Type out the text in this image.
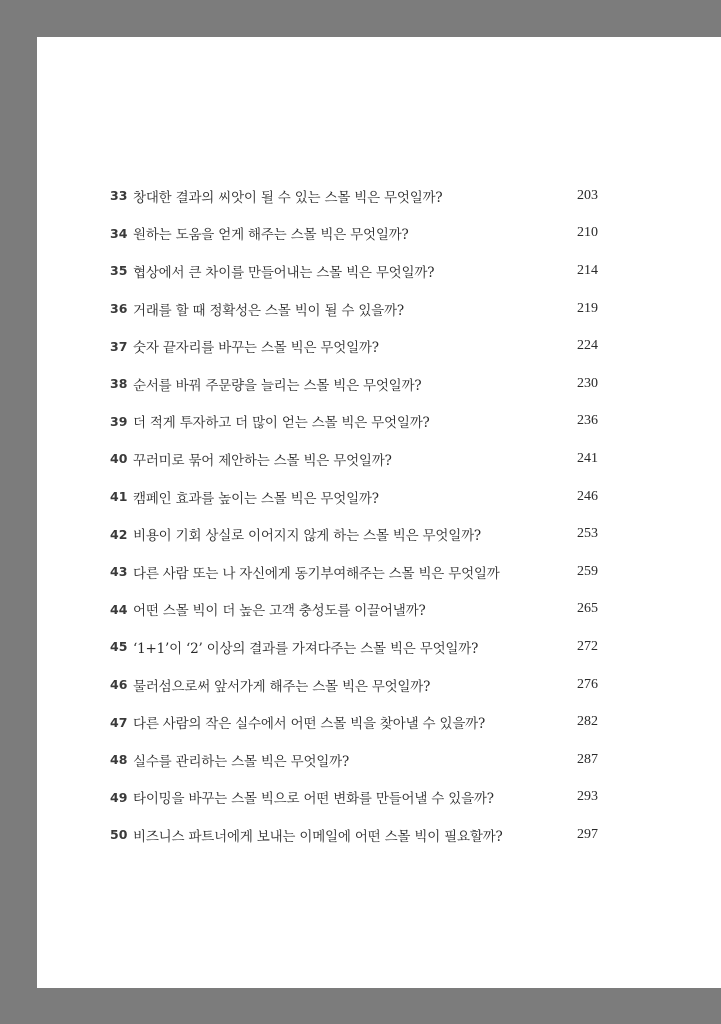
33 창대한 결과의 씨앗이 될 수 있는 스몰 빅은 무엇일까?	203
34 원하는 도움을 얻게 해주는 스몰 빅은 무엇일까?	210
35 협상에서 큰 차이를 만들어내는 스몰 빅은 무엇일까?	214
36 거래를 할 때 정확성은 스몰 빅이 될 수 있을까?	219
37 숫자 끝자리를 바꾸는 스몰 빅은 무엇일까?	224
38 순서를 바꿔 주문량을 늘리는 스몰 빅은 무엇일까?	230
39 더 적게 투자하고 더 많이 얻는 스몰 빅은 무엇일까?	236
40 꾸러미로 묶어 제안하는 스몰 빅은 무엇일까?	241
41 캠페인 효과를 높이는 스몰 빅은 무엇일까?	246
42 비용이 기회 상실로 이어지지 않게 하는 스몰 빅은 무엇일까?	253
43 다른 사람 또는 나 자신에게 동기부여해주는 스몰 빅은 무엇일까	259
44 어떤 스몰 빅이 더 높은 고객 충성도를 이끌어낼까?	265
45 ‘1+1’이 ‘2’ 이상의 결과를 가져다주는 스몰 빅은 무엇일까?	272
46 물러섬으로써 앞서가게 해주는 스몰 빅은 무엇일까?	276
47 다른 사람의 작은 실수에서 어떤 스몰 빅을 찾아낼 수 있을까?	282
48 실수를 관리하는 스몰 빅은 무엇일까?	287
49 타이밍을 바꾸는 스몰 빅으로 어떤 변화를 만들어낼 수 있을까?	293
50 비즈니스 파트너에게 보내는 이메일에 어떤 스몰 빅이 필요할까?	297
